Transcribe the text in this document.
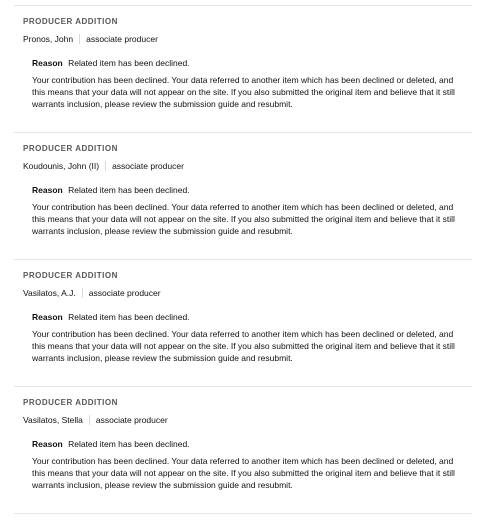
PRODUCER ADDITION
Pronos, John associate producer
Reason Related item has been declined.
Your contribution has been declined. Your data referred to another item which has been declined or deleted, and this means that your data will not appear on the site. If you also submitted the original item and believe that it still warrants inclusion, please review the submission guide and resubmit.
PRODUCER ADDITION
Koudounis, John (II) associate producer
Reason Related item has been declined.
Your contribution has been declined. Your data referred to another item which has been declined or deleted, and this means that your data will not appear on the site. If you also submitted the original item and believe that it still warrants inclusion, please review the submission guide and resubmit.
PRODUCER ADDITION
Vasilatos, A.J. associate producer
Reason Related item has been declined.
Your contribution has been declined. Your data referred to another item which has been declined or deleted, and this means that your data will not appear on the site. If you also submitted the original item and believe that it still warrants inclusion, please review the submission guide and resubmit.
PRODUCER ADDITION
Vasilatos, Stella associate producer
Reason Related item has been declined.
Your contribution has been declined. Your data referred to another item which has been declined or deleted, and this means that your data will not appear on the site. If you also submitted the original item and believe that it still warrants inclusion, please review the submission guide and resubmit.
